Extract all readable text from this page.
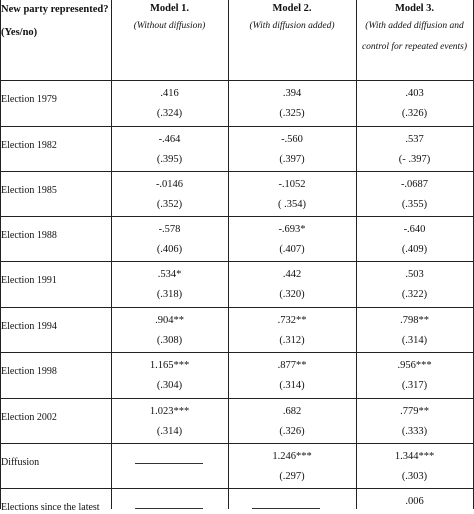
New party represented?
(Yes/no)
Model 1.
(Without diffusion)
Model 2.
(With diffusion added)
Model 3.
(With added diffusion and
control for repeated events)
Election 1979
.416
(.324)
.394
(.325)
.403
(.326)
Election 1982
-.464
(.395)
-.560
(.397)
.537
(- .397)
Election 1985
-.0146
(.352)
-.1052
( .354)
-.0687
(.355)
Election 1988
-.578
(.406)
-.693*
(.407)
-.640
(.409)
Election 1991
.534*
(.318)
.442
(.320)
.503
(.322)
Election 1994
.904**
(.308)
.732**
(.312)
.798**
(.314)
Election 1998
1.165***
(.304)
.877**
(.314)
.956***
(.317)
Election 2002
1.023***
(.314)
.682
(.326)
.779**
(.333)
Diffusion
1.246***
(.297)
1.344***
(.303)
Elections since the latest
.006
